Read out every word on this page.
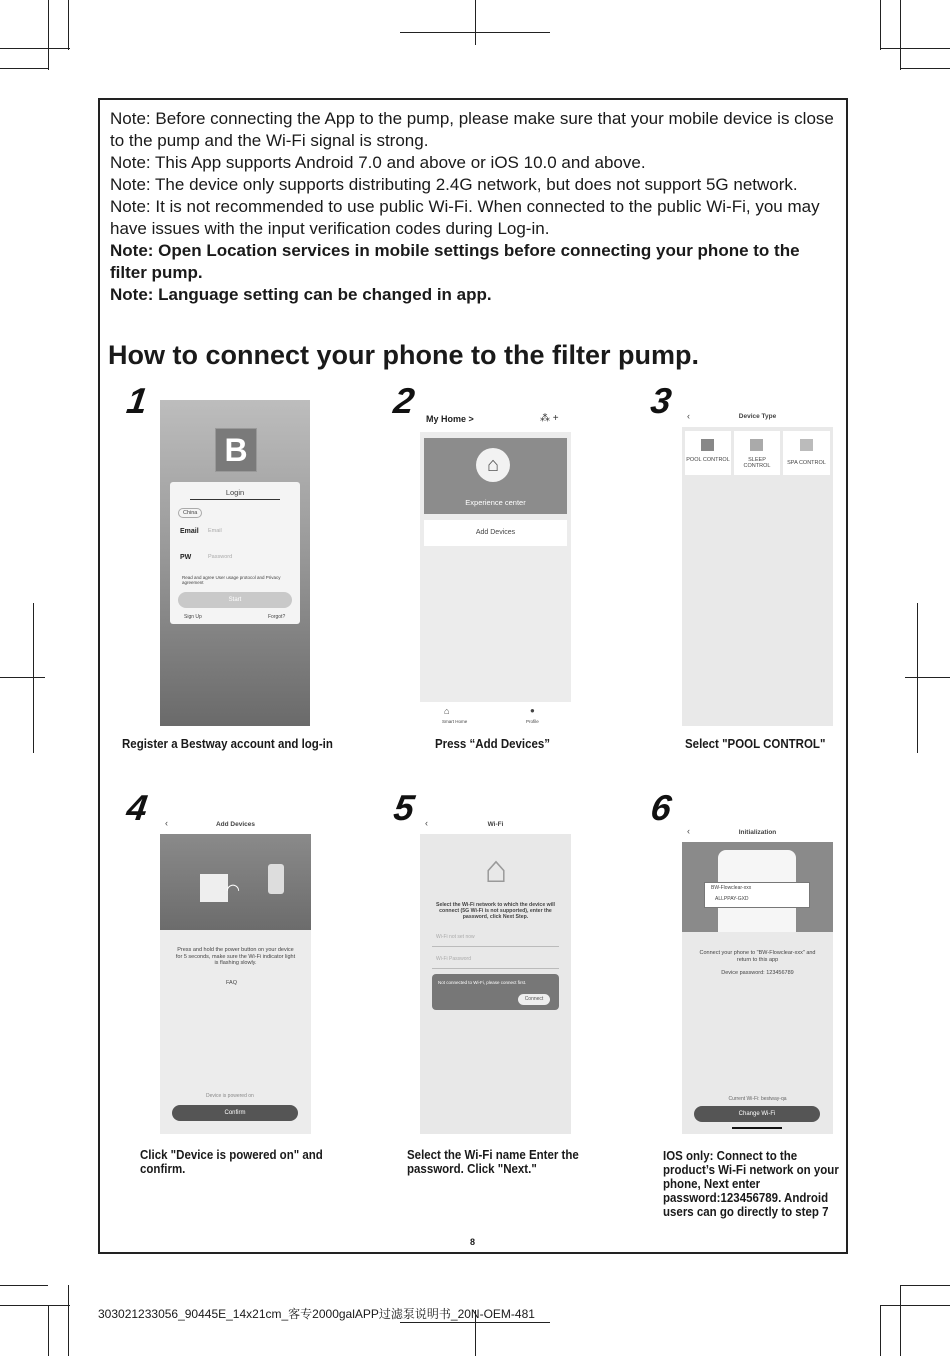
Note: Before connecting the App to the pump, please make sure that your mobile device is close to the pump and the Wi-Fi signal is strong.

Note: This App supports Android 7.0 and above or iOS 10.0 and above.

Note: The device only supports distributing 2.4G network, but does not support 5G network.

Note: It is not recommended to use public Wi-Fi. When connected to the public Wi-Fi, you may have issues with the input verification codes during Log-in.

Note: Open Location services in mobile settings before connecting your phone to the filter pump.

Note: Language setting can be changed in app.

How to connect your phone to the filter pump.
1	2	3
4	5	6
B
Login
China
Email Email
PW	Password
Read and agree User usage protocol and Privacy agreement
Start
Sign Up	Forgot?
My Home >	⁂ +
⌂
Experience center
Add Devices
⌂
Smart Home
●
Profile
‹	Device Type
POOL CONTROL	SLEEP CONTROL	SPA CONTROL
‹	Add Devices
◠
Press and hold the power button on your device for 5 seconds, make sure the Wi-Fi indicator light is flashing slowly.
FAQ
Device is powered on
Confirm
‹	Wi-Fi
⌂
Select the Wi-Fi network to which the device will connect (5G Wi-Fi is not supported), enter the password, click Next Step.
Wi-Fi not set now
Wi-Fi Password
Not connected to Wi-Fi, please connect first.
Connect
‹	Initialization
BW-Flowclear-xxx
ALLPPAY-GXD
Connect your phone to "BW-Flowclear-xxx" and return to this app
Device password: 123456789
Current Wi-Fi: bestway-qa
Change Wi-Fi
Register a Bestway account and log-in	Press “Add Devices”	Select "POOL CONTROL"
Click "Device is powered on" and confirm.
Select the Wi-Fi name Enter the password. Click "Next."
IOS only: Connect to the product’s Wi-Fi network on your phone, Next enter password:123456789. Android users can go directly to step 7
8
303021233056_90445E_14x21cm_客专2000galAPP过滤泵说明书_20N-OEM-481
